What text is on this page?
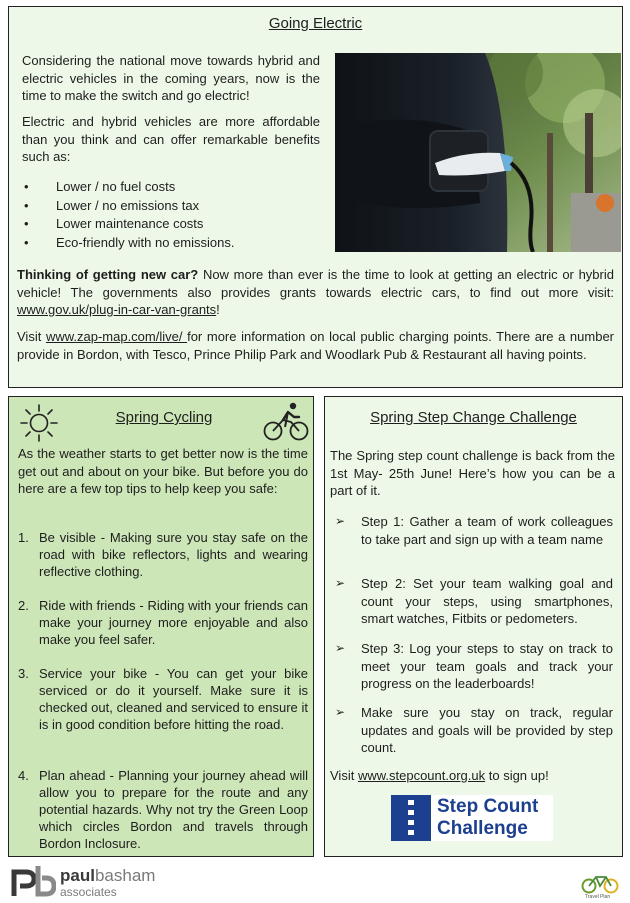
Going Electric

Considering the national move towards hybrid and electric vehicles in the coming years, now is the time to make the switch and go electric!

Electric and hybrid vehicles are more affordable than you think and can offer remarkable benefits such as:

• Lower / no fuel costs
• Lower / no emissions tax
• Lower maintenance costs
• Eco-friendly with no emissions.

Thinking of getting new car? Now more than ever is the time to look at getting an electric or hybrid vehicle! The governments also provides grants towards electric cars, to find out more visit: www.gov.uk/plug-in-car-van-grants!

Visit www.zap-map.com/live/ for more information on local public charging points. There are a number provide in Bordon, with Tesco, Prince Philip Park and Woodlark Pub & Restaurant all having points.

Spring Cycling

As the weather starts to get better now is the time get out and about on your bike. But before you do here are a few top tips to help keep you safe:

1. Be visible - Making sure you stay safe on the road with bike reflectors, lights and wearing reflective clothing.
2. Ride with friends - Riding with your friends can make your journey more enjoyable and also make you feel safer.
3. Service your bike - You can get your bike serviced or do it yourself. Make sure it is checked out, cleaned and serviced to ensure it is in good condition before hitting the road.
4. Plan ahead - Planning your journey ahead will allow you to prepare for the route and any potential hazards. Why not try the Green Loop which circles Bordon and travels through Bordon Inclosure.
Spring Step Change Challenge

The Spring step count challenge is back from the 1st May- 25th June! Here’s how you can be a part of it.

➢ Step 1: Gather a team of work colleagues to take part and sign up with a team name
➢ Step 2: Set your team walking goal and count your steps, using smartphones, smart watches, Fitbits or pedometers.
➢ Step 3: Log your steps to stay on track to meet your team goals and track your progress on the leaderboards!
➢ Make sure you stay on track, regular updates and goals will be provided by step count.

Visit www.stepcount.org.uk to sign up!

Step Count
Challenge
paulbasham
associates	Travel Plan
